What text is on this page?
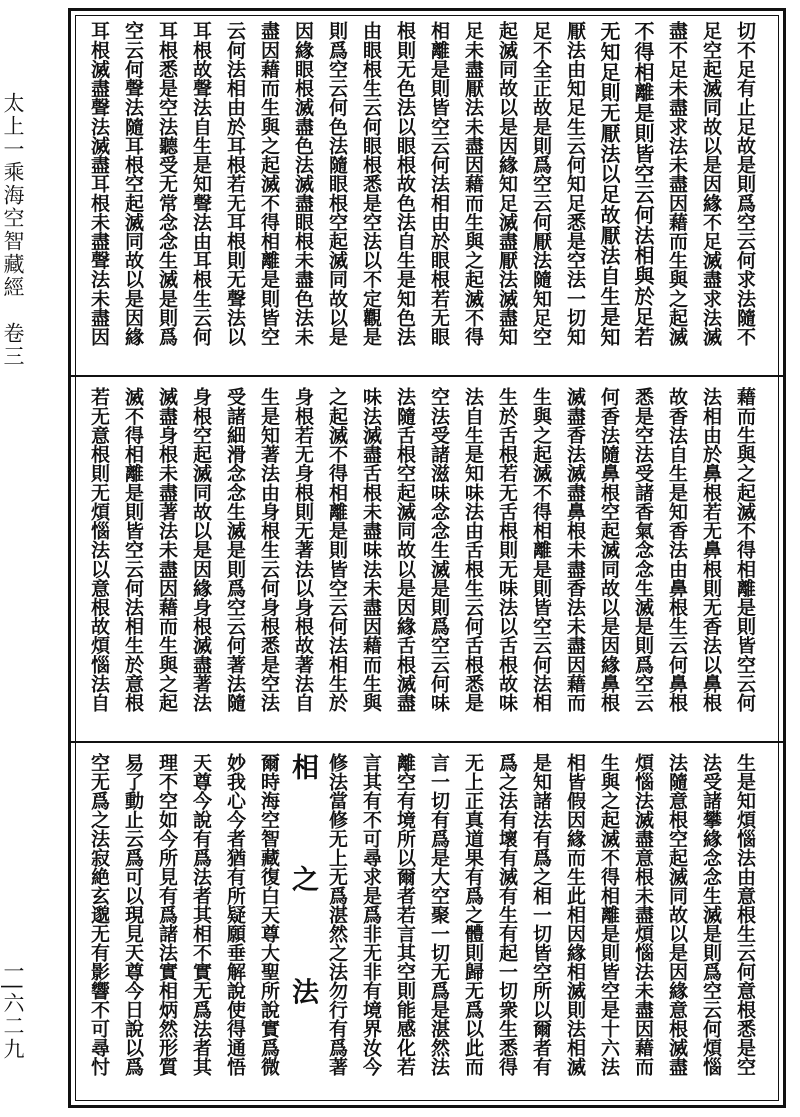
太上一乘海空智藏經　卷三
一|六二九
切不足有止足故是則爲空云何求法隨不
足空起滅同故以是因緣不足滅盡求法滅
盡不足未盡求法未盡因藉而生與之起滅
不得相離是則皆空云何法相與於足若
无知足則无厭法以足故厭法自生是知
厭法由知足生云何知足悉是空法一切知
足不全正故是則爲空云何厭法隨知足空
起滅同故以是因緣知足滅盡厭法滅盡知
足未盡厭法未盡因藉而生與之起滅不得
相離是則皆空云何法相由於眼根若无眼
根則无色法以眼根故色法自生是知色法
由眼根生云何眼根悉是空法以不定觀是
則爲空云何色法隨眼根空起滅同故以是
因緣眼根滅盡色法滅盡眼根未盡色法未
盡因藉而生與之起滅不得相離是則皆空
云何法相由於耳根若无耳根則无聲法以
耳根故聲法自生是知聲法由耳根生云何
耳根悉是空法聽受无常念念生滅是則爲
空云何聲法隨耳根空起滅同故以是因緣
耳根滅盡聲法滅盡耳根未盡聲法未盡因
藉而生與之起滅不得相離是則皆空云何
法相由於鼻根若无鼻根則无香法以鼻根
故香法自生是知香法由鼻根生云何鼻根
悉是空法受諸香氣念念生滅是則爲空云
何香法隨鼻根空起滅同故以是因緣鼻根
滅盡香法滅盡鼻根未盡香法未盡因藉而
生與之起滅不得相離是則皆空云何法相
生於舌根若无舌根則无味法以舌根故味
法自生是知味法由舌根生云何舌根悉是
空法受諸滋味念念生滅是則爲空云何味
法隨舌根空起滅同故以是因緣舌根滅盡
味法滅盡舌根未盡味法未盡因藉而生與
之起滅不得相離是則皆空云何法相生於
身根若无身根則无著法以身根故著法自
生是知著法由身根生云何身根悉是空法
受諸細滑念念生滅是則爲空云何著法隨
身根空起滅同故以是因緣身根滅盡著法
滅盡身根未盡著法未盡因藉而生與之起
滅不得相離是則皆空云何法相生於意根
若无意根則无煩惱法以意根故煩惱法自
生是知煩惱法由意根生云何意根悉是空
法受諸攀緣念念生滅是則爲空云何煩惱
法隨意根空起滅同故以是因緣意根滅盡
煩惱法滅盡意根未盡煩惱法未盡因藉而
生與之起滅不得相離是則皆空是十六法
相皆假因緣而生此相因緣相滅則法相滅
是知諸法有爲之相一切皆空所以爾者有
爲之法有壞有滅有生有起一切衆生悉得
无上正真道果有爲之體則歸无爲以此而
言一切有爲是大空聚一切无爲是湛然法
離空有境所以爾者若言其空則能感化若
言其有不可尋求是爲非无非有境界汝今
修法當修无上无爲湛然之法勿行有爲著
相之法
爾時海空智藏復白天尊大聖所說實爲微
妙我心今者猶有所疑願垂解說使得通悟
天尊今說有爲法者其相不實无爲法者其
理不空如今所見有爲諸法實相炳然形質
易了動止云爲可以現見天尊今日說以爲
空无爲之法寂絶玄邈无有影響不可尋忖
